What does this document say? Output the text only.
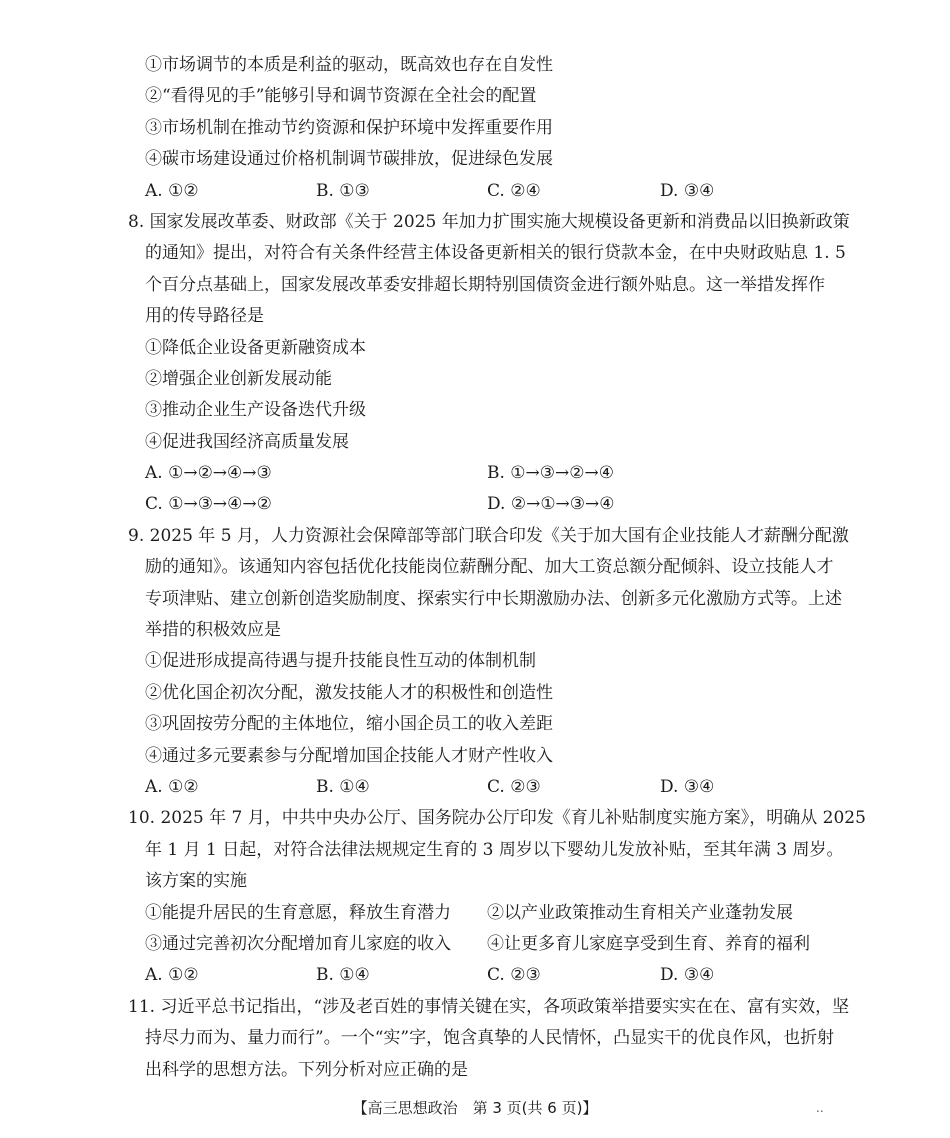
①市场调节的本质是利益的驱动，既高效也存在自发性
②“看得见的手”能够引导和调节资源在全社会的配置
③市场机制在推动节约资源和保护环境中发挥重要作用
④碳市场建设通过价格机制调节碳排放，促进绿色发展
A. ①②	B. ①③	C. ②④	D. ③④
8. 国家发展改革委、财政部《关于 2025 年加力扩围实施大规模设备更新和消费品以旧换新政策
的通知》提出，对符合有关条件经营主体设备更新相关的银行贷款本金，在中央财政贴息 1. 5
个百分点基础上，国家发展改革委安排超长期特别国债资金进行额外贴息。这一举措发挥作
用的传导路径是
①降低企业设备更新融资成本
②增强企业创新发展动能
③推动企业生产设备迭代升级
④促进我国经济高质量发展
A. ①→②→④→③	B. ①→③→②→④
C. ①→③→④→②	D. ②→①→③→④
9. 2025 年 5 月，人力资源社会保障部等部门联合印发《关于加大国有企业技能人才薪酬分配激
励的通知》。该通知内容包括优化技能岗位薪酬分配、加大工资总额分配倾斜、设立技能人才
专项津贴、建立创新创造奖励制度、探索实行中长期激励办法、创新多元化激励方式等。上述
举措的积极效应是
①促进形成提高待遇与提升技能良性互动的体制机制
②优化国企初次分配，激发技能人才的积极性和创造性
③巩固按劳分配的主体地位，缩小国企员工的收入差距
④通过多元要素参与分配增加国企技能人才财产性收入
A. ①②	B. ①④	C. ②③	D. ③④
10. 2025 年 7 月，中共中央办公厅、国务院办公厅印发《育儿补贴制度实施方案》，明确从 2025
年 1 月 1 日起，对符合法律法规规定生育的 3 周岁以下婴幼儿发放补贴，至其年满 3 周岁。
该方案的实施
①能提升居民的生育意愿，释放生育潜力 ②以产业政策推动生育相关产业蓬勃发展
③通过完善初次分配增加育儿家庭的收入 ④让更多育儿家庭享受到生育、养育的福利
A. ①②	B. ①④	C. ②③	D. ③④
11. 习近平总书记指出，“涉及老百姓的事情关键在实，各项政策举措要实实在在、富有实效，坚
持尽力而为、量力而行”。一个“实”字，饱含真挚的人民情怀，凸显实干的优良作风，也折射
出科学的思想方法。下列分析对应正确的是
【高三思想政治　第 3 页(共 6 页)】	..
